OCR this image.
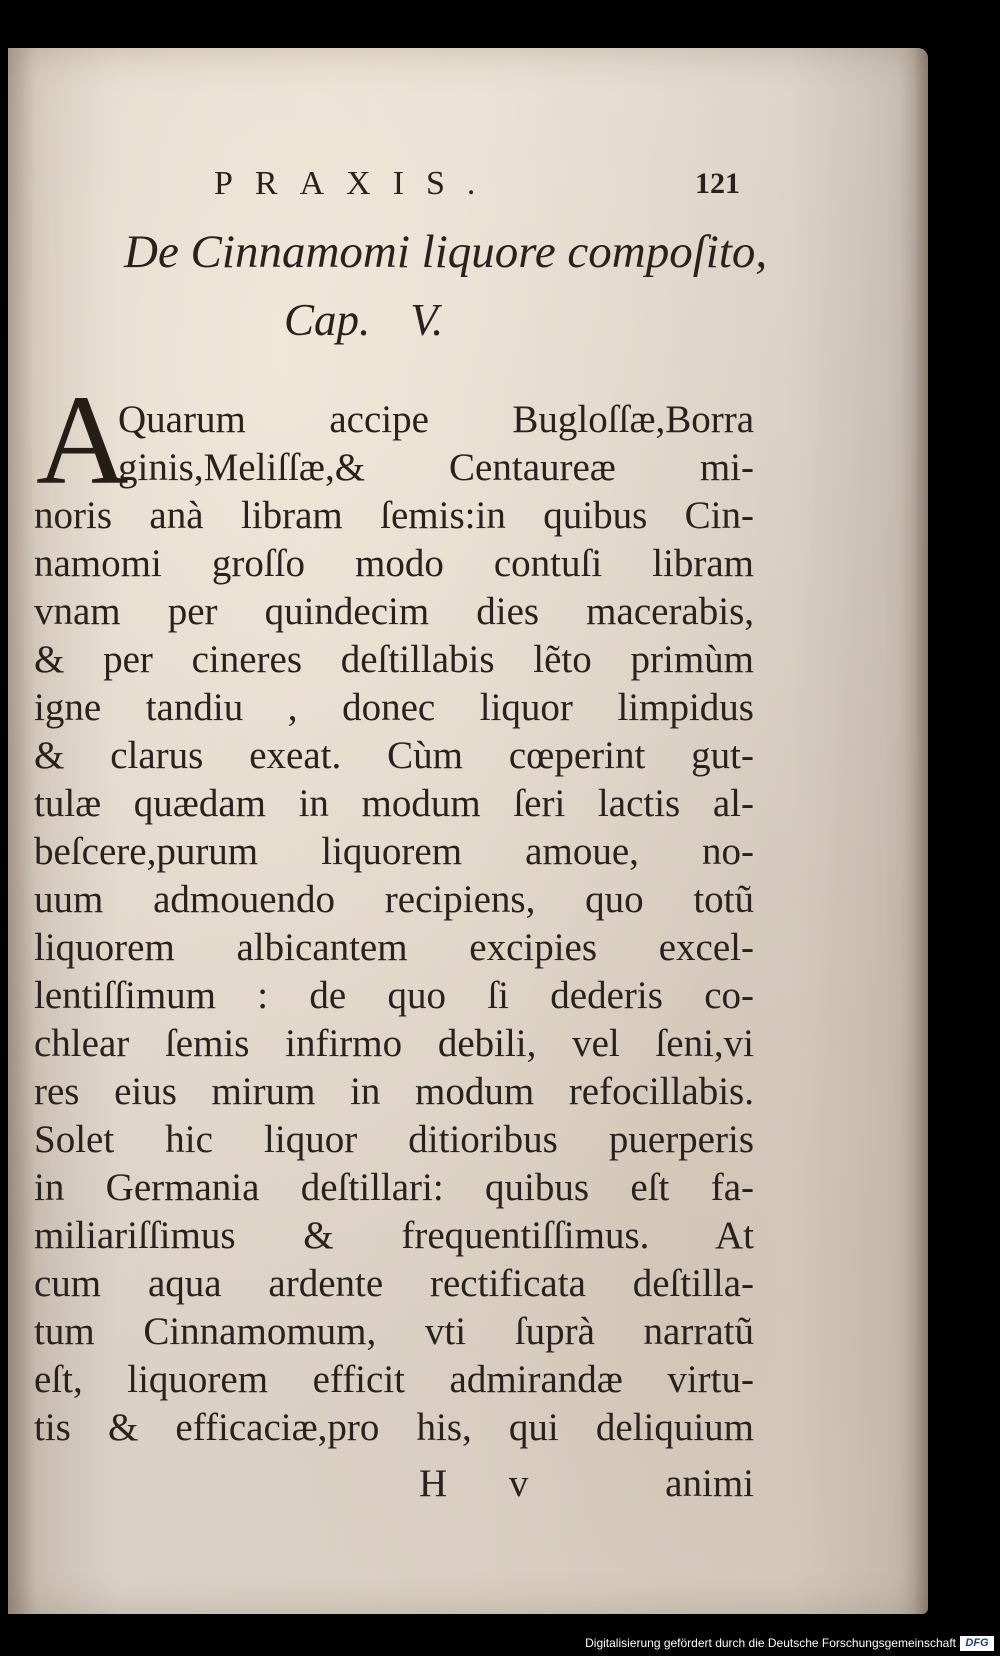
PRAXIS.	121
De Cinnamomi liquore compoſito,
Cap. V.
A
Quarum accipe Bugloſſæ,Borra
ginis,Meliſſæ,& Centaureæ mi-
noris anà libram ſemis:in quibus Cin-
namomi groſſo modo contuſi libram
vnam per quindecim dies macerabis,
& per cineres deſtillabis lẽto primùm
igne tandiu , donec liquor limpidus
& clarus exeat. Cùm cœperint gut-
tulæ quædam in modum ſeri lactis al-
beſcere,purum liquorem amoue, no-
uum admouendo recipiens, quo totũ
liquorem albicantem excipies excel-
lentiſſimum : de quo ſi dederis co-
chlear ſemis infirmo debili, vel ſeni,vi
res eius mirum in modum refocillabis.
Solet hic liquor ditioribus puerperis
in Germania deſtillari: quibus eſt fa-
miliariſſimus & frequentiſſimus. At
cum aqua ardente rectificata deſtilla-
tum Cinnamomum, vti ſuprà narratũ
eſt, liquorem efficit admirandæ virtu-
tis & efficaciæ,pro his, qui deliquium
H v	animi
Digitalisierung gefördert durch die Deutsche Forschungsgemeinschaft DFG
